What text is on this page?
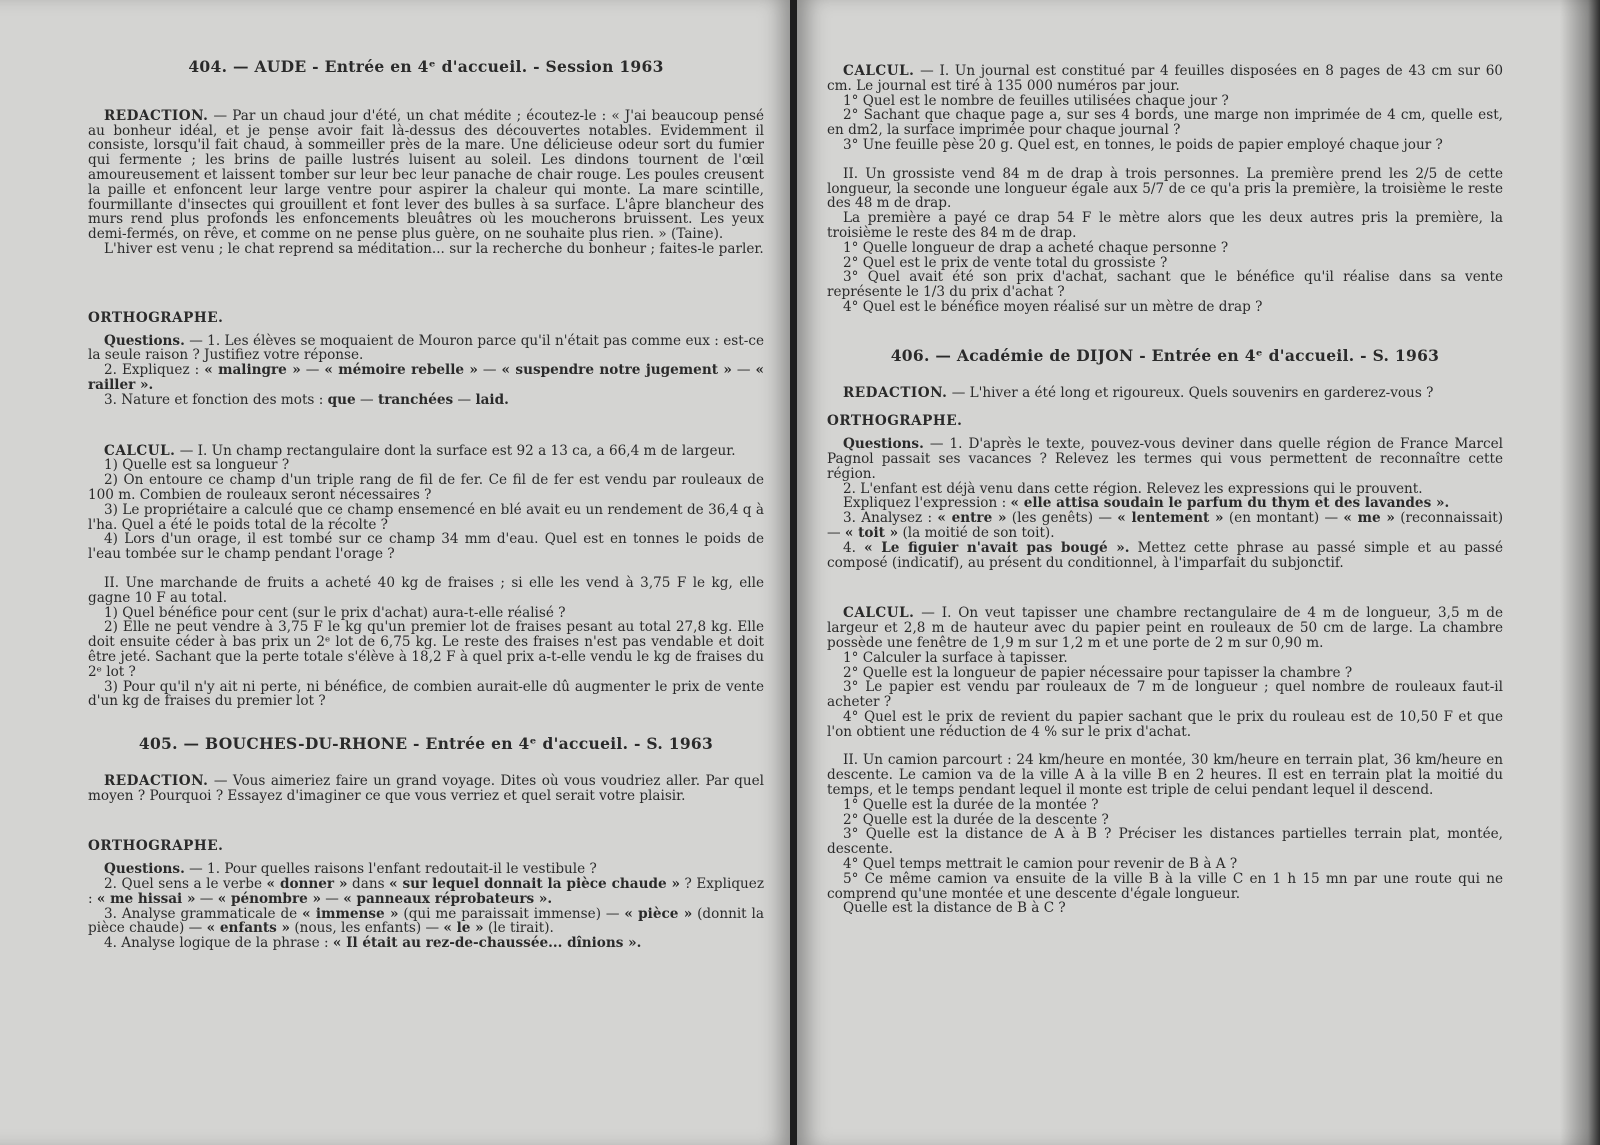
404. — AUDE - Entrée en 4ᵉ d'accueil. - Session 1963

REDACTION. — Par un chaud jour d'été, un chat médite ; écoutez-le : « J'ai beaucoup pensé au bonheur idéal, et je pense avoir fait là-dessus des découvertes notables. Evidemment il consiste, lorsqu'il fait chaud, à sommeiller près de la mare. Une délicieuse odeur sort du fumier qui fermente ; les brins de paille lustrés luisent au soleil. Les dindons tournent de l'œil amoureusement et laissent tomber sur leur bec leur panache de chair rouge. Les poules creusent la paille et enfoncent leur large ventre pour aspirer la chaleur qui monte. La mare scintille, fourmillante d'insectes qui grouillent et font lever des bulles à sa surface. L'âpre blancheur des murs rend plus profonds les enfoncements bleuâtres où les moucherons bruissent. Les yeux demi-fermés, on rêve, et comme on ne pense plus guère, on ne souhaite plus rien. » (Taine).

L'hiver est venu ; le chat reprend sa méditation... sur la recherche du bonheur ; faites-le parler.

ORTHOGRAPHE.

Questions. — 1. Les élèves se moquaient de Mouron parce qu'il n'était pas comme eux : est-ce la seule raison ? Justifiez votre réponse.

2. Expliquez : « malingre » — « mémoire rebelle » — « suspendre notre jugement » — « railler ».

3. Nature et fonction des mots : que — tranchées — laid.

CALCUL. — I. Un champ rectangulaire dont la surface est 92 a 13 ca, a 66,4 m de largeur.

1) Quelle est sa longueur ?

2) On entoure ce champ d'un triple rang de fil de fer. Ce fil de fer est vendu par rouleaux de 100 m. Combien de rouleaux seront nécessaires ?

3) Le propriétaire a calculé que ce champ ensemencé en blé avait eu un rendement de 36,4 q à l'ha. Quel a été le poids total de la récolte ?

4) Lors d'un orage, il est tombé sur ce champ 34 mm d'eau. Quel est en tonnes le poids de l'eau tombée sur le champ pendant l'orage ?

II. Une marchande de fruits a acheté 40 kg de fraises ; si elle les vend à 3,75 F le kg, elle gagne 10 F au total.

1) Quel bénéfice pour cent (sur le prix d'achat) aura-t-elle réalisé ?

2) Elle ne peut vendre à 3,75 F le kg qu'un premier lot de fraises pesant au total 27,8 kg. Elle doit ensuite céder à bas prix un 2ᵉ lot de 6,75 kg. Le reste des fraises n'est pas vendable et doit être jeté. Sachant que la perte totale s'élève à 18,2 F à quel prix a-t-elle vendu le kg de fraises du 2ᵉ lot ?

3) Pour qu'il n'y ait ni perte, ni bénéfice, de combien aurait-elle dû augmenter le prix de vente d'un kg de fraises du premier lot ?

405. — BOUCHES-DU-RHONE - Entrée en 4ᵉ d'accueil. - S. 1963

REDACTION. — Vous aimeriez faire un grand voyage. Dites où vous voudriez aller. Par quel moyen ? Pourquoi ? Essayez d'imaginer ce que vous verriez et quel serait votre plaisir.

ORTHOGRAPHE.

Questions. — 1. Pour quelles raisons l'enfant redoutait-il le vestibule ?

2. Quel sens a le verbe « donner » dans « sur lequel donnait la pièce chaude » ? Expliquez : « me hissai » — « pénombre » — « panneaux réprobateurs ».

3. Analyse grammaticale de « immense » (qui me paraissait immense) — « pièce » (donnit la pièce chaude) — « enfants » (nous, les enfants) — « le » (le tirait).

4. Analyse logique de la phrase : « Il était au rez-de-chaussée... dînions ».

CALCUL. — I. Un journal est constitué par 4 feuilles disposées en 8 pages de 43 cm sur 60 cm. Le journal est tiré à 135 000 numéros par jour.

1° Quel est le nombre de feuilles utilisées chaque jour ?

2° Sachant que chaque page a, sur ses 4 bords, une marge non imprimée de 4 cm, quelle est, en dm2, la surface imprimée pour chaque journal ?

3° Une feuille pèse 20 g. Quel est, en tonnes, le poids de papier employé chaque jour ?

II. Un grossiste vend 84 m de drap à trois personnes. La première prend les 2/5 de cette longueur, la seconde une longueur égale aux 5/7 de ce qu'a pris la première, la troisième le reste des 48 m de drap.

La première a payé ce drap 54 F le mètre alors que les deux autres pris la première, la troisième le reste des 84 m de drap.

1° Quelle longueur de drap a acheté chaque personne ?

2° Quel est le prix de vente total du grossiste ?

3° Quel avait été son prix d'achat, sachant que le bénéfice qu'il réalise dans sa vente représente le 1/3 du prix d'achat ?

4° Quel est le bénéfice moyen réalisé sur un mètre de drap ?

406. — Académie de DIJON - Entrée en 4ᵉ d'accueil. - S. 1963

REDACTION. — L'hiver a été long et rigoureux. Quels souvenirs en garderez-vous ?

ORTHOGRAPHE.

Questions. — 1. D'après le texte, pouvez-vous deviner dans quelle région de France Marcel Pagnol passait ses vacances ? Relevez les termes qui vous permettent de reconnaître cette région.

2. L'enfant est déjà venu dans cette région. Relevez les expressions qui le prouvent.

Expliquez l'expression : « elle attisa soudain le parfum du thym et des lavandes ».

3. Analysez : « entre » (les genêts) — « lentement » (en montant) — « me » (reconnaissait) — « toit » (la moitié de son toit).

4. « Le figuier n'avait pas bougé ». Mettez cette phrase au passé simple et au passé composé (indicatif), au présent du conditionnel, à l'imparfait du subjonctif.

CALCUL. — I. On veut tapisser une chambre rectangulaire de 4 m de longueur, 3,5 m de largeur et 2,8 m de hauteur avec du papier peint en rouleaux de 50 cm de large. La chambre possède une fenêtre de 1,9 m sur 1,2 m et une porte de 2 m sur 0,90 m.

1° Calculer la surface à tapisser.

2° Quelle est la longueur de papier nécessaire pour tapisser la chambre ?

3° Le papier est vendu par rouleaux de 7 m de longueur ; quel nombre de rouleaux faut-il acheter ?

4° Quel est le prix de revient du papier sachant que le prix du rouleau est de 10,50 F et que l'on obtient une réduction de 4 % sur le prix d'achat.

II. Un camion parcourt : 24 km/heure en montée, 30 km/heure en terrain plat, 36 km/heure en descente. Le camion va de la ville A à la ville B en 2 heures. Il est en terrain plat la moitié du temps, et le temps pendant lequel il monte est triple de celui pendant lequel il descend.

1° Quelle est la durée de la montée ?

2° Quelle est la durée de la descente ?

3° Quelle est la distance de A à B ? Préciser les distances partielles terrain plat, montée, descente.

4° Quel temps mettrait le camion pour revenir de B à A ?

5° Ce même camion va ensuite de la ville B à la ville C en 1 h 15 mn par une route qui ne comprend qu'une montée et une descente d'égale longueur.

Quelle est la distance de B à C ?
